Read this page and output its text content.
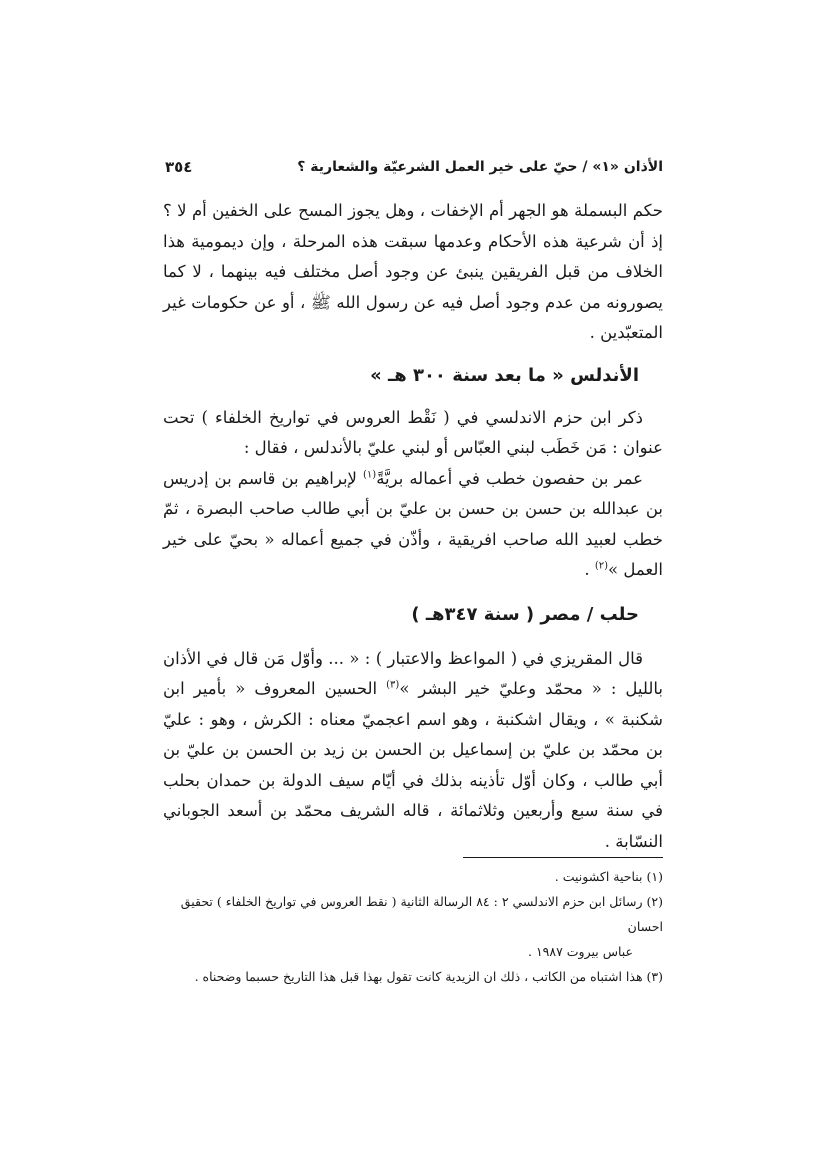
٣٥٤	الأذان «١» / حيّ على خير العمل الشرعيّة والشعارية ؟

حكم البسملة هو الجهر أم الإخفات ، وهل يجوز المسح على الخفين أم لا ؟ إذ أن شرعية هذه الأحكام وعدمها سبقت هذه المرحلة ، وإن ديمومية هذا الخلاف من قبل الفريقين ينبئ عن وجود أصل مختلف فيه بينهما ، لا كما يصورونه من عدم وجود أصل فيه عن رسول الله ﷺ ، أو عن حكومات غير المتعبّدين .

الأندلس « ما بعد سنة ٣٠٠ هـ »

ذكر ابن حزم الاندلسي في ( نَقْط العروس في تواريخ الخلفاء ) تحت عنوان : مَن خَطَب لبني العبّاس أو لبني عليّ بالأندلس ، فقال :

عمر بن حفصون خطب في أعماله بريَّةً$^{(١)}$ لإبراهيم بن قاسم بن إدريس بن عبدالله بن حسن بن حسن بن عليّ بن أبي طالب صاحب البصرة ، ثمّ خطب لعبيد الله صاحب افريقية ، وأذّن في جميع أعماله « بحيّ على خير العمل »$^{(٢)}$ .

حلب / مصر ( سنة ٣٤٧هـ )

قال المقريزي في ( المواعظ والاعتبار ) : « ... وأوّل مَن قال في الأذان بالليل : « محمّد وعليّ خير البشر »$^{(٣)}$ الحسين المعروف « بأمير ابن شكنبة » ، ويقال اشكنبة ، وهو اسم اعجميّ معناه : الكرش ، وهو : عليّ بن محمّد بن عليّ بن إسماعيل بن الحسن بن زيد بن الحسن بن عليّ بن أبي طالب ، وكان أوّل تأذينه بذلك في أيّام سيف الدولة بن حمدان بحلب في سنة سبع وأربعين وثلاثمائة ، قاله الشريف محمّد بن أسعد الجوباني النسّابة .

(١) بناحية اكشونيت .

(٢) رسائل ابن حزم الاندلسي ٢ : ٨٤ الرسالة الثانية ( نقط العروس في تواريخ الخلفاء ) تحقيق احسان

عباس بيروت ١٩٨٧ .

(٣) هذا اشتباه من الكاتب ، ذلك ان الزيدية كانت تقول بهذا قبل هذا التاريخ حسبما وضحناه .
